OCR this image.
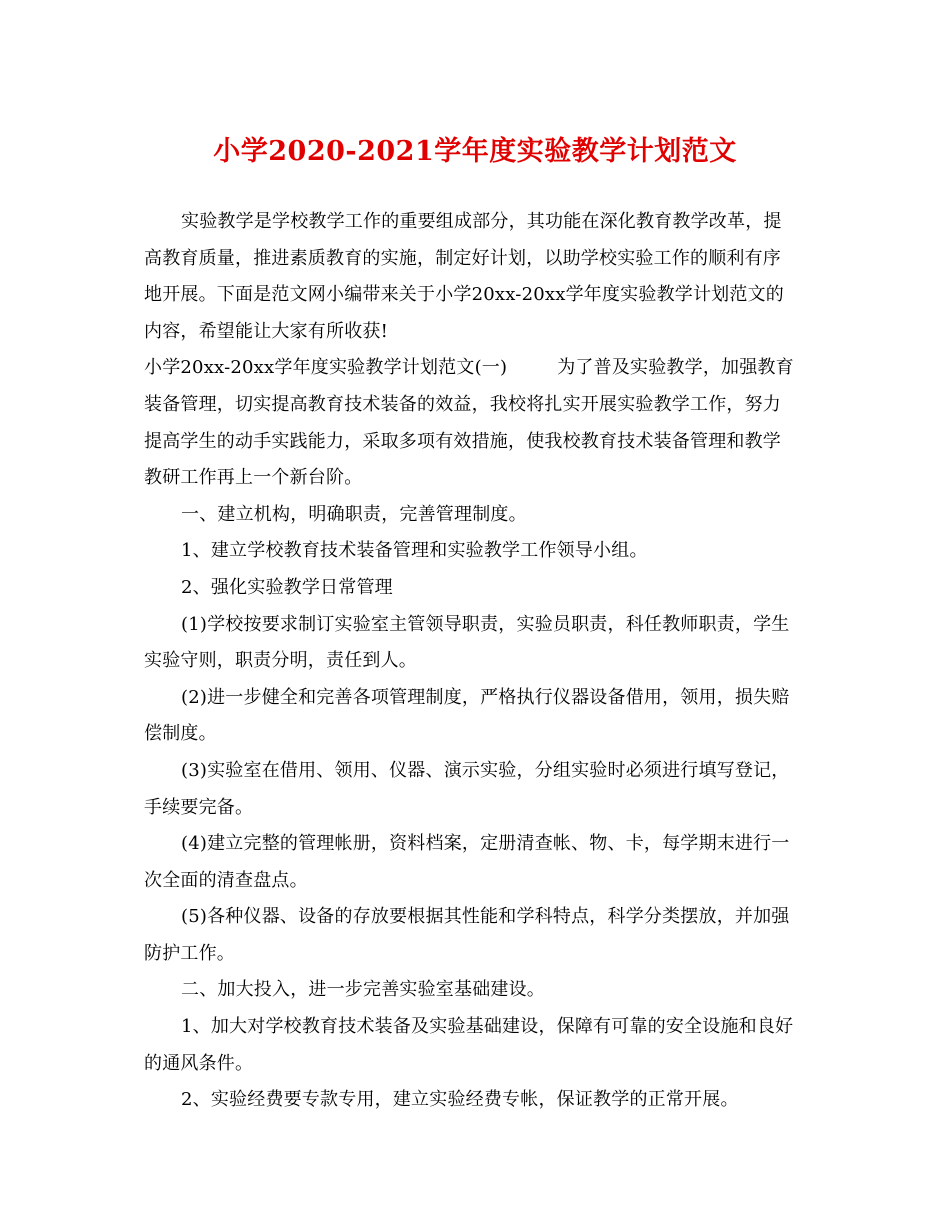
小学2020-2021学年度实验教学计划范文
实验教学是学校教学工作的重要组成部分，其功能在深化教育教学改革，提
高教育质量，推进素质教育的实施，制定好计划，以助学校实验工作的顺利有序
地开展。下面是范文网小编带来关于小学20xx-20xx学年度实验教学计划范文的
内容，希望能让大家有所收获!
小学20xx-20xx学年度实验教学计划范文(一)	为了普及实验教学，加强教育
装备管理，切实提高教育技术装备的效益，我校将扎实开展实验教学工作，努力
提高学生的动手实践能力，采取多项有效措施，使我校教育技术装备管理和教学
教研工作再上一个新台阶。
一、建立机构，明确职责，完善管理制度。
1、建立学校教育技术装备管理和实验教学工作领导小组。
2、强化实验教学日常管理
(1)学校按要求制订实验室主管领导职责，实验员职责，科任教师职责，学生
实验守则，职责分明，责任到人。
(2)进一步健全和完善各项管理制度，严格执行仪器设备借用，领用，损失赔
偿制度。
(3)实验室在借用、领用、仪器、演示实验，分组实验时必须进行填写登记，
手续要完备。
(4)建立完整的管理帐册，资料档案，定册清查帐、物、卡，每学期末进行一
次全面的清查盘点。
(5)各种仪器、设备的存放要根据其性能和学科特点，科学分类摆放，并加强
防护工作。
二、加大投入，进一步完善实验室基础建设。
1、加大对学校教育技术装备及实验基础建设，保障有可靠的安全设施和良好
的通风条件。
2、实验经费要专款专用，建立实验经费专帐，保证教学的正常开展。
